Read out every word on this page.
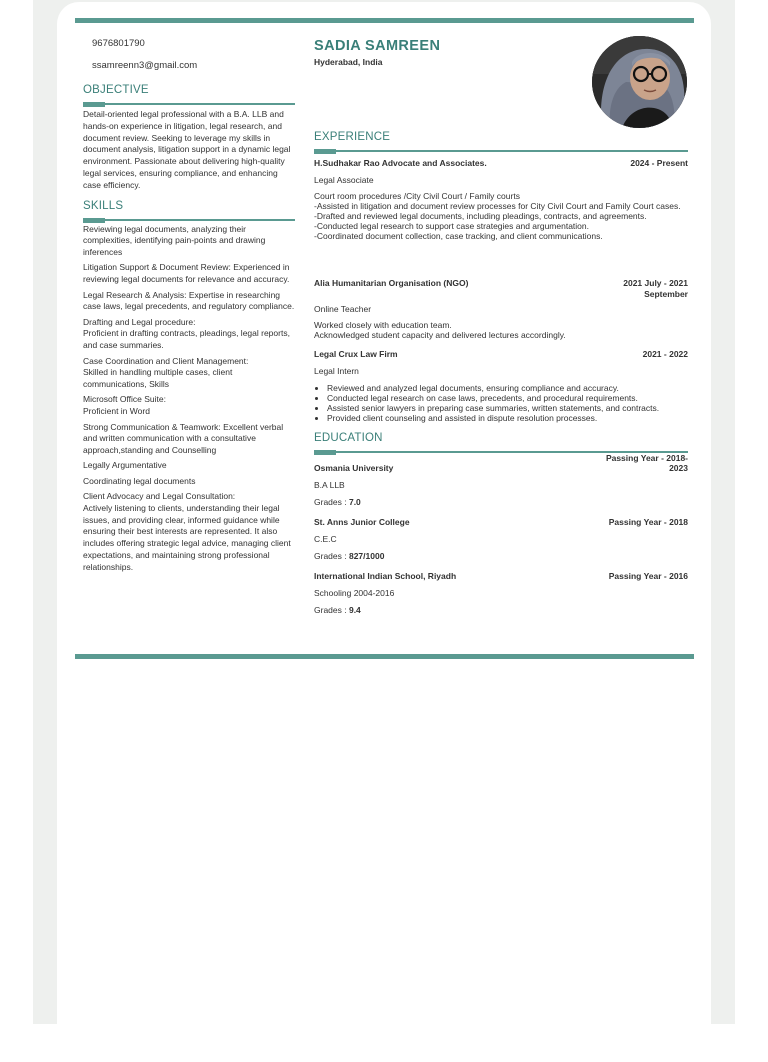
9676801790
ssamreenn3@gmail.com
OBJECTIVE
Detail-oriented legal professional with a B.A. LLB and hands-on experience in litigation, legal research, and document review. Seeking to leverage my skills in document analysis, litigation support in a dynamic legal environment. Passionate about delivering high-quality legal services, ensuring compliance, and enhancing case efficiency.
SKILLS
Reviewing legal documents, analyzing their complexities, identifying pain-points and drawing inferences
Litigation Support & Document Review: Experienced in reviewing legal documents for relevance and accuracy.
Legal Research & Analysis: Expertise in researching case laws, legal precedents, and regulatory compliance.
Drafting and Legal procedure:
Proficient in drafting contracts, pleadings, legal reports, and case summaries.
Case Coordination and Client Management:
Skilled in handling multiple cases, client communications, Skills
Microsoft Office Suite:
Proficient in Word
Strong Communication & Teamwork: Excellent verbal and written communication with a consultative approach,standing and Counselling
Legally Argumentative
Coordinating legal documents
Client Advocacy and Legal Consultation:
Actively listening to clients, understanding their legal issues, and providing clear, informed guidance while ensuring their best interests are represented. It also includes offering strategic legal advice, managing client expectations, and maintaining strong professional relationships.
SADIA SAMREEN
Hyderabad, India
EXPERIENCE
H.Sudhakar Rao Advocate and Associates.	2024 - Present
Legal Associate
Court room procedures /City Civil Court / Family courts
-Assisted in litigation and document review processes for City Civil Court and Family Court cases.
-Drafted and reviewed legal documents, including pleadings, contracts, and agreements.
-Conducted legal research to support case strategies and argumentation.
-Coordinated document collection, case tracking, and client communications.
Alia Humanitarian Organisation (NGO)	2021 July - 2021
September
Online Teacher
Worked closely with education team.
Acknowledged student capacity and delivered lectures accordingly.
Legal Crux Law Firm	2021 - 2022
Legal Intern
• Reviewed and analyzed legal documents, ensuring compliance and accuracy.
• Conducted legal research on case laws, precedents, and procedural requirements.
• Assisted senior lawyers in preparing case summaries, written statements, and contracts.
• Provided client counseling and assisted in dispute resolution processes.
EDUCATION
Osmania University
Passing Year - 2018-
2023
B.A LLB
Grades : 7.0
St. Anns Junior College	Passing Year - 2018
C.E.C
Grades : 827/1000
International Indian School, Riyadh	Passing Year - 2016
Schooling 2004-2016
Grades : 9.4
